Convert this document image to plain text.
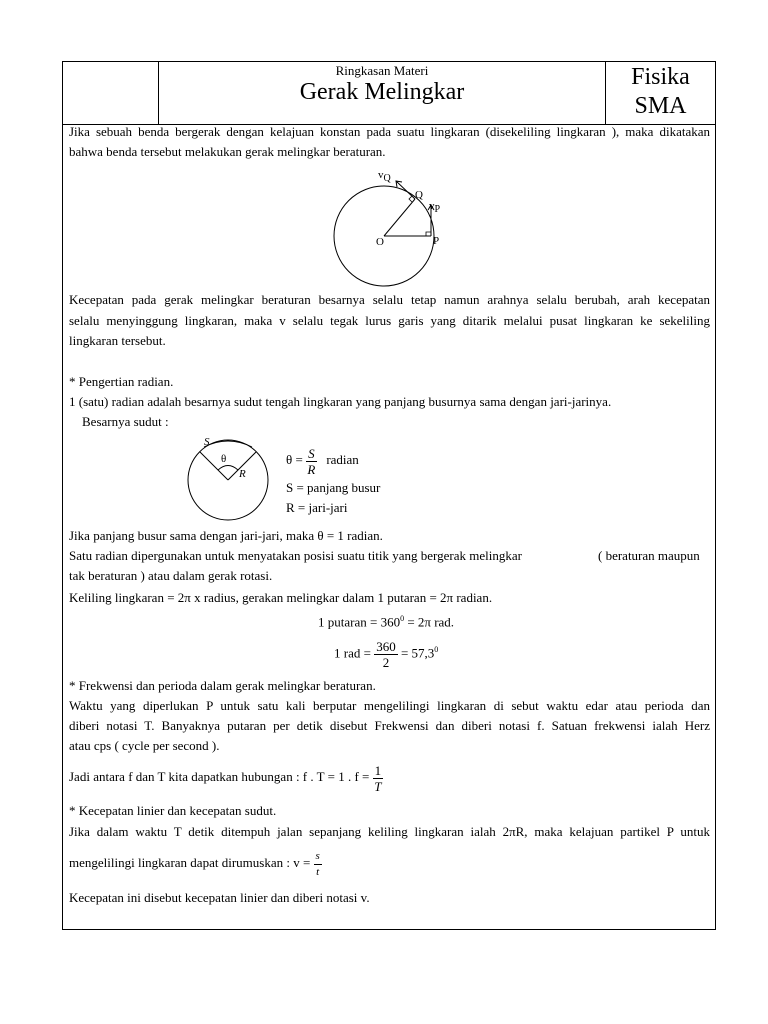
Ringkasan Materi
Gerak Melingkar
Fisika
SMA

Jika sebuah benda bergerak dengan kelajuan konstan pada suatu lingkaran (disekeliling lingkaran ), maka dikatakan

bahwa benda tersebut melakukan gerak melingkar beraturan.

vQ
Q
vP
O	P

Kecepatan pada gerak melingkar beraturan besarnya selalu tetap namun arahnya selalu berubah, arah kecepatan

selalu menyinggung lingkaran, maka v selalu tegak lurus garis yang ditarik melalui pusat lingkaran ke sekeliling

lingkaran tersebut.

* Pengertian radian.

1 (satu) radian adalah besarnya sudut tengah lingkaran yang panjang busurnya sama dengan jari-jarinya.

Besarnya sudut :

S
θ
R

$\theta = \frac{S}{R}$ radian

S = panjang busur

R = jari-jari

Jika panjang busur sama dengan jari-jari, maka θ = 1 radian.

Satu radian dipergunakan untuk menyatakan posisi suatu titik yang bergerak melingkar	( beraturan maupun

tak beraturan ) atau dalam gerak rotasi.

Keliling lingkaran = 2π x radius, gerakan melingkar dalam 1 putaran = 2π radian.

1 putaran = $360^0 = 2\pi$ rad.

1 rad = $\frac{360}{2} = 57,3^0$

* Frekwensi dan perioda dalam gerak melingkar beraturan.

Waktu yang diperlukan P untuk satu kali berputar mengelilingi lingkaran di sebut waktu edar atau perioda dan

diberi notasi T. Banyaknya putaran per detik disebut Frekwensi dan diberi notasi f. Satuan frekwensi ialah Herz

atau cps ( cycle per second ).

Jadi antara f dan T kita dapatkan hubungan : f . T = 1 . $f = \frac{1}{T}$

* Kecepatan linier dan kecepatan sudut.

Jika dalam waktu T detik ditempuh jalan sepanjang keliling lingkaran ialah 2πR, maka kelajuan partikel P untuk

mengelilingi lingkaran dapat dirumuskan : $v = \frac{s}{t}$

Kecepatan ini disebut kecepatan linier dan diberi notasi v.
